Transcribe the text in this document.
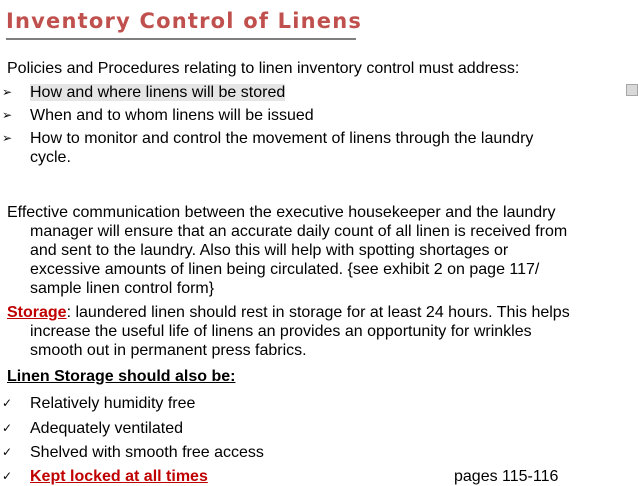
Inventory Control of Linens
Policies and Procedures relating to linen inventory control must address:
➢ How and where linens will be stored
➢ When and to whom linens will be issued
➢ How to monitor and control the movement of linens through the laundry
cycle.
Effective communication between the executive housekeeper and the laundry
manager will ensure that an accurate daily count of all linen is received from
and sent to the laundry. Also this will help with spotting shortages or
excessive amounts of linen being circulated. {see exhibit 2 on page 117/
sample linen control form}
Storage: laundered linen should rest in storage for at least 24 hours. This helps
increase the useful life of linens an provides an opportunity for wrinkles
smooth out in permanent press fabrics.
Linen Storage should also be:
✓ Relatively humidity free
✓ Adequately ventilated
✓ Shelved with smooth free access
✓ Kept locked at all times	pages 115-116
